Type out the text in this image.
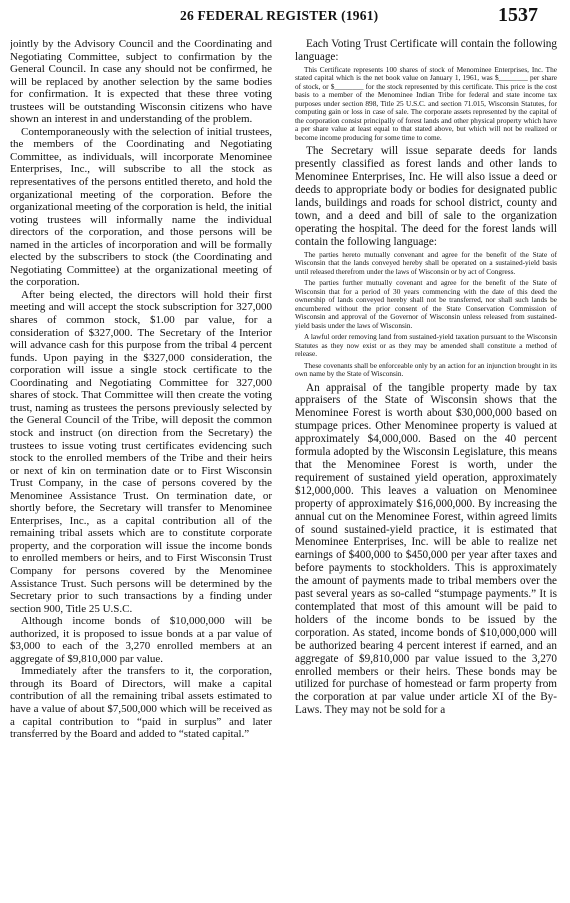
26 FEDERAL REGISTER (1961)	1537

jointly by the Advisory Council and the Coordinating and Negotiating Committee, subject to confirmation by the General Council. In case any should not be confirmed, he will be replaced by another selection by the same bodies for confirmation. It is expected that these three voting trustees will be outstanding Wisconsin citizens who have shown an interest in and understanding of the problem.

Contemporaneously with the selection of initial trustees, the members of the Coordinating and Negotiating Committee, as individuals, will incorporate Menominee Enterprises, Inc., will subscribe to all the stock as representatives of the persons entitled thereto, and hold the organizational meeting of the corporation. Before the organizational meeting of the corporation is held, the initial voting trustees will informally name the individual directors of the corporation, and those persons will be named in the articles of incorporation and will be formally elected by the subscribers to stock (the Coordinating and Negotiating Committee) at the organizational meeting of the corporation.

After being elected, the directors will hold their first meeting and will accept the stock subscription for 327,000 shares of common stock, $1.00 par value, for a consideration of $327,000. The Secretary of the Interior will advance cash for this purpose from the tribal 4 percent funds. Upon paying in the $327,000 consideration, the corporation will issue a single stock certificate to the Coordinating and Negotiating Committee for 327,000 shares of stock. That Committee will then create the voting trust, naming as trustees the persons previously selected by the General Council of the Tribe, will deposit the common stock and instruct (on direction from the Secretary) the trustees to issue voting trust certificates evidencing such stock to the enrolled members of the Tribe and their heirs or next of kin on termination date or to First Wisconsin Trust Company, in the case of persons covered by the Menominee Assistance Trust. On termination date, or shortly before, the Secretary will transfer to Menominee Enterprises, Inc., as a capital contribution all of the remaining tribal assets which are to constitute corporate property, and the corporation will issue the income bonds to enrolled members or heirs, and to First Wisconsin Trust Company for persons covered by the Menominee Assistance Trust. Such persons will be determined by the Secretary prior to such transactions by a finding under section 900, Title 25 U.S.C.

Although income bonds of $10,000,000 will be authorized, it is proposed to issue bonds at a par value of $3,000 to each of the 3,270 enrolled members at an aggregate of $9,810,000 par value.

Immediately after the transfers to it, the corporation, through its Board of Directors, will make a capital contribution of all the remaining tribal assets estimated to have a value of about $7,500,000 which will be received as a capital contribution to “paid in surplus” and later transferred by the Board and added to “stated capital.”

Each Voting Trust Certificate will contain the following language:

This Certificate represents 100 shares of stock of Menominee Enterprises, Inc. The stated capital which is the net book value on January 1, 1961, was $________ per share of stock, or $________ for the stock represented by this certificate. This price is the cost basis to a member of the Menominee Indian Tribe for federal and state income tax purposes under section 898, Title 25 U.S.C. and section 71.015, Wisconsin Statutes, for computing gain or loss in case of sale. The corporate assets represented by the capital of the corporation consist principally of forest lands and other physical property which have a per share value at least equal to that stated above, but which will not be realized or become income producing for some time to come.

The Secretary will issue separate deeds for lands presently classified as forest lands and other lands to Menominee Enterprises, Inc. He will also issue a deed or deeds to appropriate body or bodies for designated public lands, buildings and roads for school district, county and town, and a deed and bill of sale to the organization operating the hospital. The deed for the forest lands will contain the following language:

The parties hereto mutually convenant and agree for the benefit of the State of Wisconsin that the lands conveyed hereby shall be operated on a sustained-yield basis until released therefrom under the laws of Wisconsin or by act of Congress.

The parties further mutually covenant and agree for the benefit of the State of Wisconsin that for a period of 30 years commencing with the date of this deed the ownership of lands conveyed hereby shall not be transferred, nor shall such lands be encumbered without the prior consent of the State Conservation Commission of Wisconsin and approval of the Governor of Wisconsin unless released from sustained-yield basis under the laws of Wisconsin.

A lawful order removing land from sustained-yield taxation pursuant to the Wisconsin Statutes as they now exist or as they may be amended shall constitute a method of release.

These covenants shall be enforceable only by an action for an injunction brought in its own name by the State of Wisconsin.

An appraisal of the tangible property made by tax appraisers of the State of Wisconsin shows that the Menominee Forest is worth about $30,000,000 based on stumpage prices. Other Menominee property is valued at approximately $4,000,000. Based on the 40 percent formula adopted by the Wisconsin Legislature, this means that the Menominee Forest is worth, under the requirement of sustained yield operation, approximately $12,000,000. This leaves a valuation on Menominee property of approximately $16,000,000. By increasing the annual cut on the Menominee Forest, within agreed limits of sound sustained-yield practice, it is estimated that Menominee Enterprises, Inc. will be able to realize net earnings of $400,000 to $450,000 per year after taxes and before payments to stockholders. This is approximately the amount of payments made to tribal members over the past several years as so-called “stumpage payments.” It is contemplated that most of this amount will be paid to holders of the income bonds to be issued by the corporation. As stated, income bonds of $10,000,000 will be authorized bearing 4 percent interest if earned, and an aggregate of $9,810,000 par value issued to the 3,270 enrolled members or their heirs. These bonds may be utilized for purchase of homestead or farm property from the corporation at par value under article XI of the By-Laws. They may not be sold for a
